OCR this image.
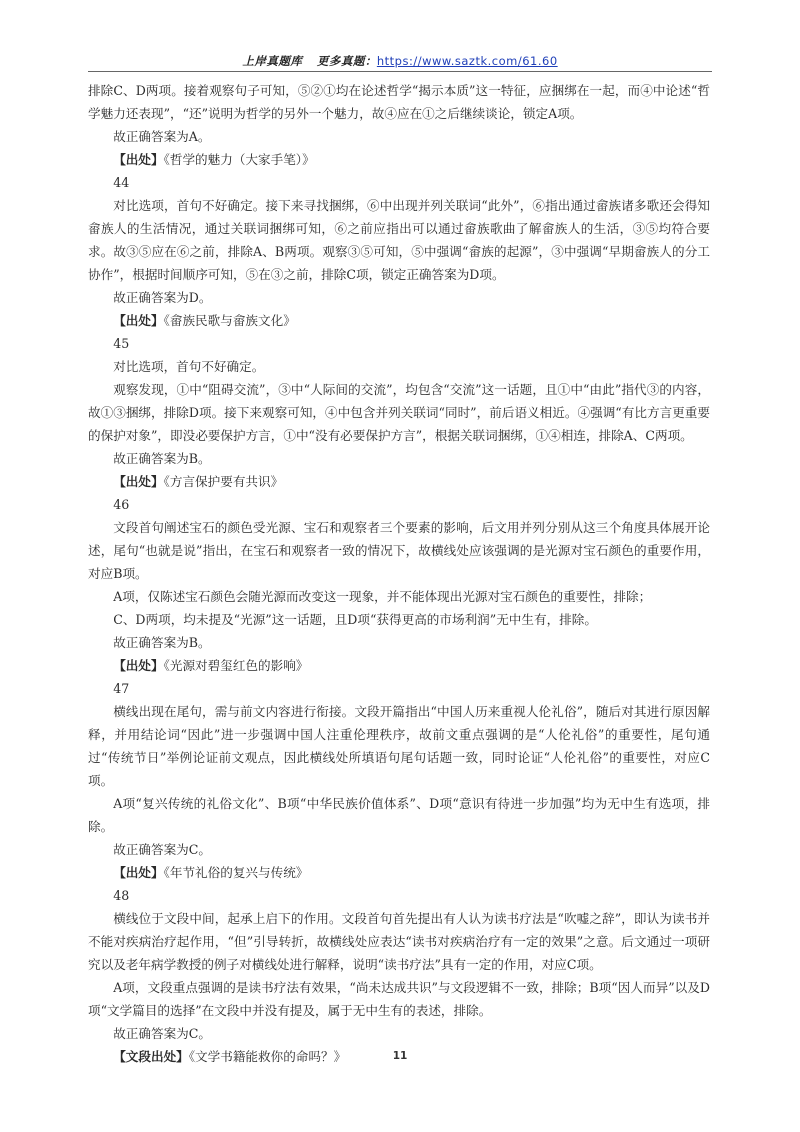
上岸真题库 更多真题：https://www.saztk.com/61.60

排除C、D两项。接着观察句子可知，⑤②①均在论述哲学“揭示本质”这一特征，应捆绑在一起，而④中论述“哲学魅力还表现”，“还”说明为哲学的另外一个魅力，故④应在①之后继续谈论，锁定A项。

故正确答案为A。

【出处】《哲学的魅力（大家手笔）》

44

对比选项，首句不好确定。接下来寻找捆绑，⑥中出现并列关联词“此外”，⑥指出通过畲族诸多歌还会得知畲族人的生活情况，通过关联词捆绑可知，⑥之前应指出可以通过畲族歌曲了解畲族人的生活，③⑤均符合要求。故③⑤应在⑥之前，排除A、B两项。观察③⑤可知，⑤中强调“畲族的起源”，③中强调“早期畲族人的分工协作”，根据时间顺序可知，⑤在③之前，排除C项，锁定正确答案为D项。

故正确答案为D。

【出处】《畲族民歌与畲族文化》

45

对比选项，首句不好确定。

观察发现，①中“阻碍交流”，③中“人际间的交流”，均包含“交流”这一话题，且①中“由此”指代③的内容，故①③捆绑，排除D项。接下来观察可知，④中包含并列关联词“同时”，前后语义相近。④强调“有比方言更重要的保护对象”，即没必要保护方言，①中“没有必要保护方言”，根据关联词捆绑，①④相连，排除A、C两项。

故正确答案为B。

【出处】《方言保护要有共识》

46

文段首句阐述宝石的颜色受光源、宝石和观察者三个要素的影响，后文用并列分别从这三个角度具体展开论述，尾句“也就是说”指出，在宝石和观察者一致的情况下，故横线处应该强调的是光源对宝石颜色的重要作用，对应B项。

A项，仅陈述宝石颜色会随光源而改变这一现象，并不能体现出光源对宝石颜色的重要性，排除；

C、D两项，均未提及“光源”这一话题，且D项“获得更高的市场利润”无中生有，排除。

故正确答案为B。

【出处】《光源对碧玺红色的影响》

47

横线出现在尾句，需与前文内容进行衔接。文段开篇指出“中国人历来重视人伦礼俗”，随后对其进行原因解释，并用结论词“因此”进一步强调中国人注重伦理秩序，故前文重点强调的是“人伦礼俗”的重要性，尾句通过“传统节日”举例论证前文观点，因此横线处所填语句尾句话题一致，同时论证“人伦礼俗”的重要性，对应C项。

A项“复兴传统的礼俗文化”、B项“中华民族价值体系”、D项“意识有待进一步加强”均为无中生有选项，排除。

故正确答案为C。

【出处】《年节礼俗的复兴与传统》

48

横线位于文段中间，起承上启下的作用。文段首句首先提出有人认为读书疗法是“吹嘘之辞”，即认为读书并不能对疾病治疗起作用，“但”引导转折，故横线处应表达“读书对疾病治疗有一定的效果”之意。后文通过一项研究以及老年病学教授的例子对横线处进行解释，说明“读书疗法”具有一定的作用，对应C项。

A项，文段重点强调的是读书疗法有效果，“尚未达成共识”与文段逻辑不一致，排除；B项“因人而异”以及D项“文学篇目的选择”在文段中并没有提及，属于无中生有的表述，排除。

故正确答案为C。

【文段出处】《文学书籍能救你的命吗？》	11
